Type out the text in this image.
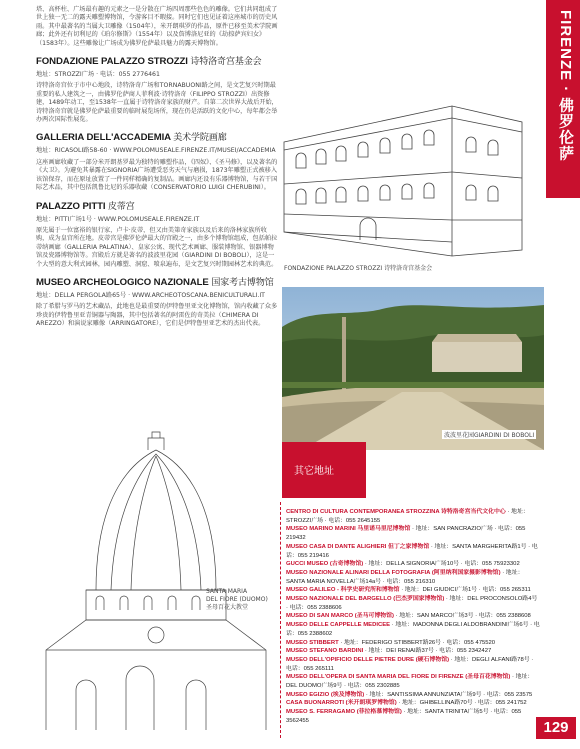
FIRENZE · 佛罗伦萨
129

塔、高杯柱、广场最有趣的元素之一是分散在广场四周那些色色的雕像。它们共同组成了世上独一无二的露天雕塑博物馆，令游客目不暇接。同时它们也见证着这座城市的历史风雨。其中最著名的当属大卫雕像（1504年），米开朗琪罗的作品，原件已移至美术学院画廊；此外还有切利尼的《珀尔修斯》（1554年）以及詹博洛尼亚的《劫掠萨宾妇女》（1583年）。这些雕像让广场成为佛罗伦萨最具魅力的露天博物馆。

FONDAZIONE PALAZZO STROZZI 诗特洛奇宫基金会

地址：STROZZI广场 · 电话：055 2776461

诗特洛奇宫位于市中心地段，诗特洛奇广场和TORNABUONI路之间，是文艺复兴时期最重要的私人建筑之一，由佛罗伦萨商人菲利波·诗特洛奇（FILIPPO STROZZI）出资修建，1489年动工，至1538年一直属于诗特洛奇家族的财产。自第二次世界大战后开始，诗特洛奇宫就是佛罗伦萨最重要的临时展览场所，现在仍是活跃的文化中心，每年都会举办两次国际性展览。

GALLERIA DELL'ACCADEMIA 美术学院画廊

地址：RICASOLI路58-60 · WWW.POLOMUSEALE.FIRENZE.IT/MUSEI/ACCADEMIA

这座画廊收藏了一部分米开朗基罗最为独特的雕塑作品，《四奴》、《圣马修》，以及著名的《大卫》。为避免其暴露在SIGNORIA广场遭受恶劣天气与磨损，1873年雕塑正式被移入该馆保存，而在原址放置了一件同样精确的复制品。画廊内还设有乐器博物馆，与若干国际艺术品，其中包括凯鲁比尼的乐器收藏（CONSERVATORIO LUIGI CHERUBINI）。

PALAZZO PITTI 皮蒂宫

地址：PITTI广场1号 · WWW.POLOMUSEALE.FIRENZE.IT

原先属于一位富裕的银行家，卢卡·皮蒂，但又由美第奇家族以及后来的洛林家族所收购，成为皇宫所在地。皮蒂宫是佛罗伦萨最大的宫殿之一，由多个博物馆组成，包括帕拉蒂纳画廊（GALLERIA PALATINA）、皇家公寓、现代艺术画廊、服装博物馆、银器博物馆及瓷器博物馆等。宫殿后方就是著名的波波里花园（GIARDINI DI BOBOLI），这是一个大型的意大利式园林，园内雕塑、洞窟、喷泉遍布，是文艺复兴时期园林艺术的典范。

MUSEO ARCHEOLOGICO NAZIONALE 国家考古博物馆

地址：DELLA PERGOLA路65号 · WWW.ARCHEOTOSCANA.BENICULTURALI.IT

除了希腊与罗马的艺术藏品，此地也是最重要的伊特鲁里亚文化博物馆，馆内收藏了众多珍贵的伊特鲁里亚青铜器与陶器，其中包括著名的阿雷佐的奇美拉（CHIMERA DI AREZZO）和演说家雕像（ARRINGATORE），它们是伊特鲁里亚艺术的杰出代表。

FONDAZIONE PALAZZO STROZZI 诗特洛奇宫基金会
波波里花园GIARDINI DI BOBOLI
SANTA MARIA
DEL FIORE (DUOMO)
圣母百花大教堂
其它地址

CENTRO DI CULTURA CONTEMPORANEA STROZZINA 诗特洛奇宫当代文化中心 · 地址：STROZZI广场 · 电话：055 2645155

MUSEO MARINO MARINI 马里诺马里尼博物馆 · 地址：SAN PANCRAZIO广场 · 电话：055 219432

MUSEO CASA DI DANTE ALIGHIERI 但丁之家博物馆 · 地址：SANTA MARGHERITA路1号 · 电话：055 219416

GUCCI MUSEO (古奇博物馆) · 地址：DELLA SIGNORIA广场10号 · 电话：055 75923302

MUSEO NAZIONALE ALINARI DELLA FOTOGRAFIA (阿里纳利国家摄影博物馆) · 地址：SANTA MARIA NOVELLA广场14a号 · 电话：055 216310

MUSEO GALILEO - 科学史研究所和博物馆 · 地址：DEI GIUDICI广场1号 · 电话：055 265311

MUSEO NAZIONALE DEL BARGELLO (巴杰罗国家博物馆) · 地址：DEL PROCONSOLO路4号 · 电话：055 2388606

MUSEO DI SAN MARCO (圣马可博物馆) · 地址：SAN MARCO广场3号 · 电话：055 2388608

MUSEO DELLE CAPPELLE MEDICEE · 地址：MADONNA DEGLI ALDOBRANDINI广场6号 · 电话：055 2388602

MUSEO STIBBERT · 地址：FEDERIGO STIBBERT路26号 · 电话：055 475520

MUSEO STEFANO BARDINI · 地址：DEI RENAI路37号 · 电话：055 2342427

MUSEO DELL'OPIFICIO DELLE PIETRE DURE (硬石博物馆) · 地址：DEGLI ALFANI路78号 · 电话：055 265111

MUSEO DELL'OPERA DI SANTA MARIA DEL FIORE DI FIRENZE (圣母百花博物馆) · 地址：DEL DUOMO广场9号 · 电话：055 2302885

MUSEO EGIZIO (埃及博物馆) · 地址：SANTISSIMA ANNUNZIATA广场9号 · 电话：055 23575

CASA BUONARROTI (米开朗琪罗博物馆) · 地址：GHIBELLINA路70号 · 电话：055 241752

MUSEO S. FERRAGAMO (菲拉格慕博物馆) · 地址：SANTA TRINITA广场5号 · 电话：055 3562455
